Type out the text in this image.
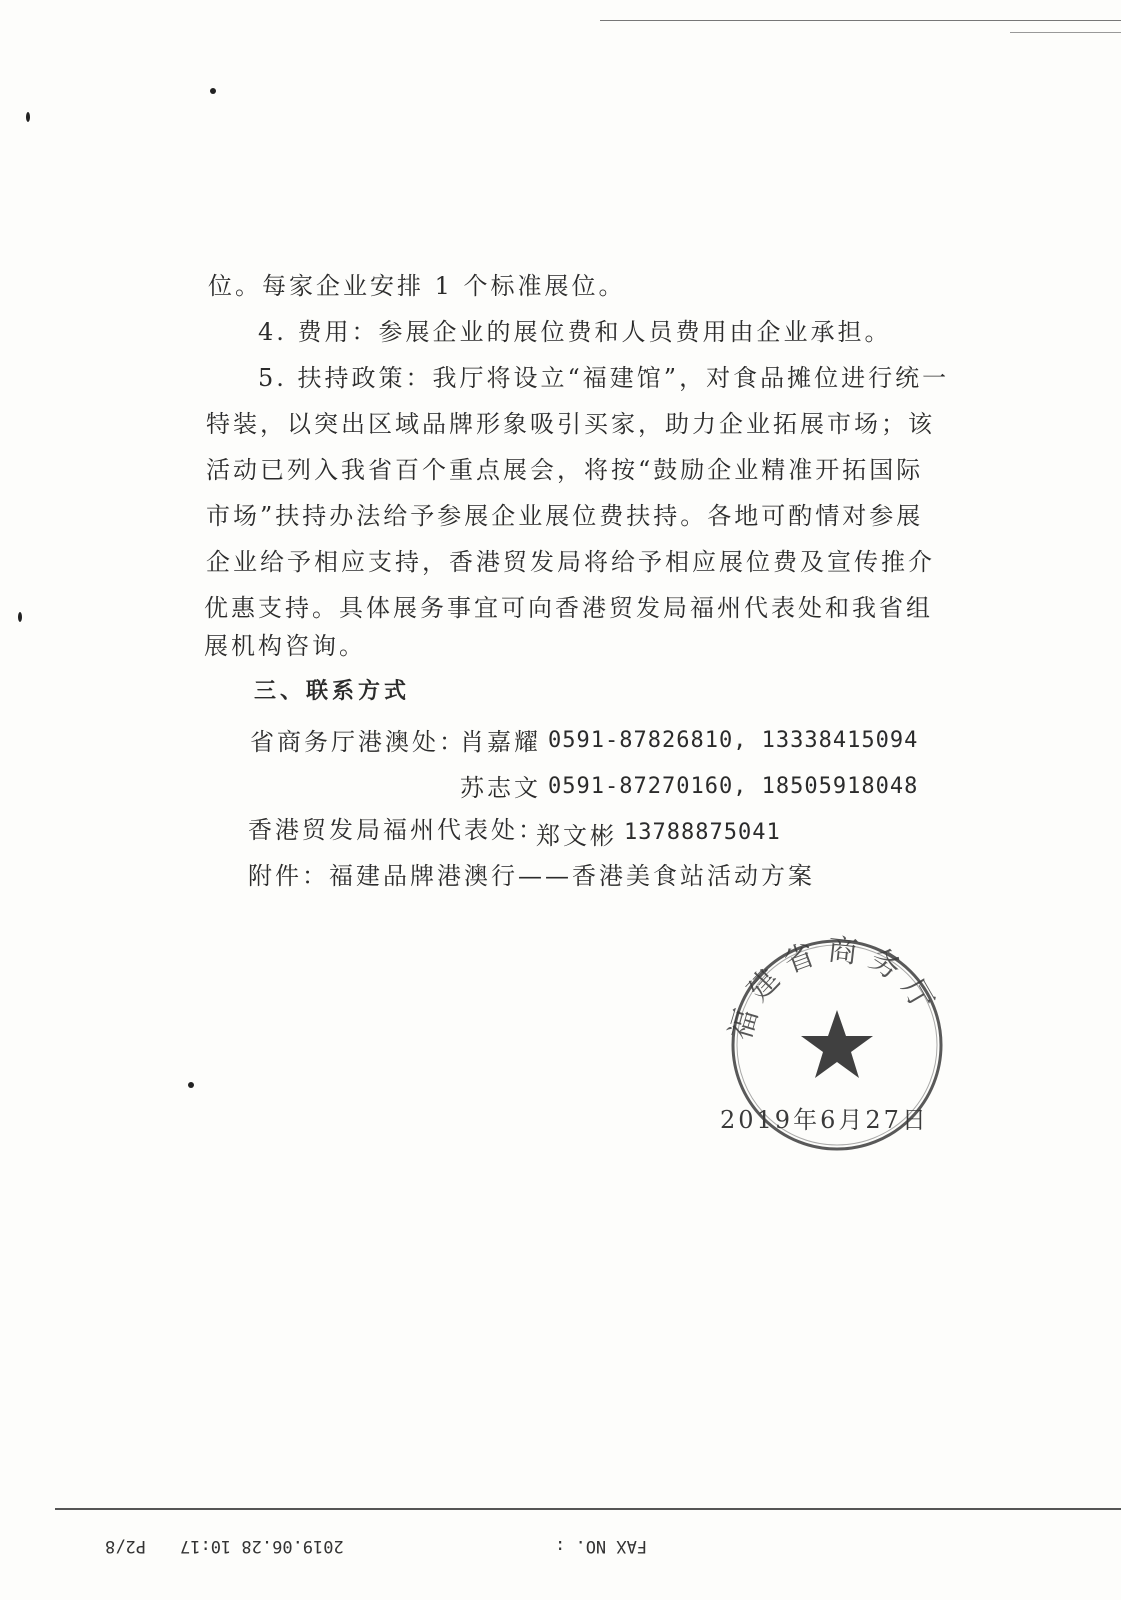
位。每家企业安排 1 个标准展位。
4. 费用：参展企业的展位费和人员费用由企业承担。
5. 扶持政策：我厅将设立“福建馆”，对食品摊位进行统一
特装，以突出区域品牌形象吸引买家，助力企业拓展市场；该
活动已列入我省百个重点展会，将按“鼓励企业精准开拓国际
市场”扶持办法给予参展企业展位费扶持。各地可酌情对参展
企业给予相应支持，香港贸发局将给予相应展位费及宣传推介
优惠支持。具体展务事宜可向香港贸发局福州代表处和我省组
展机构咨询。
三、联系方式
省商务厅港澳处：
肖嘉耀 0591-87826810, 13338415094
苏志文 0591-87270160, 18505918048
香港贸发局福州代表处：
郑文彬 13788875041
附件：福建品牌港澳行——香港美食站活动方案
福建省商务厅
2019年6月27日
P2/8 2019.06.28 10:17	FAX NO. :
